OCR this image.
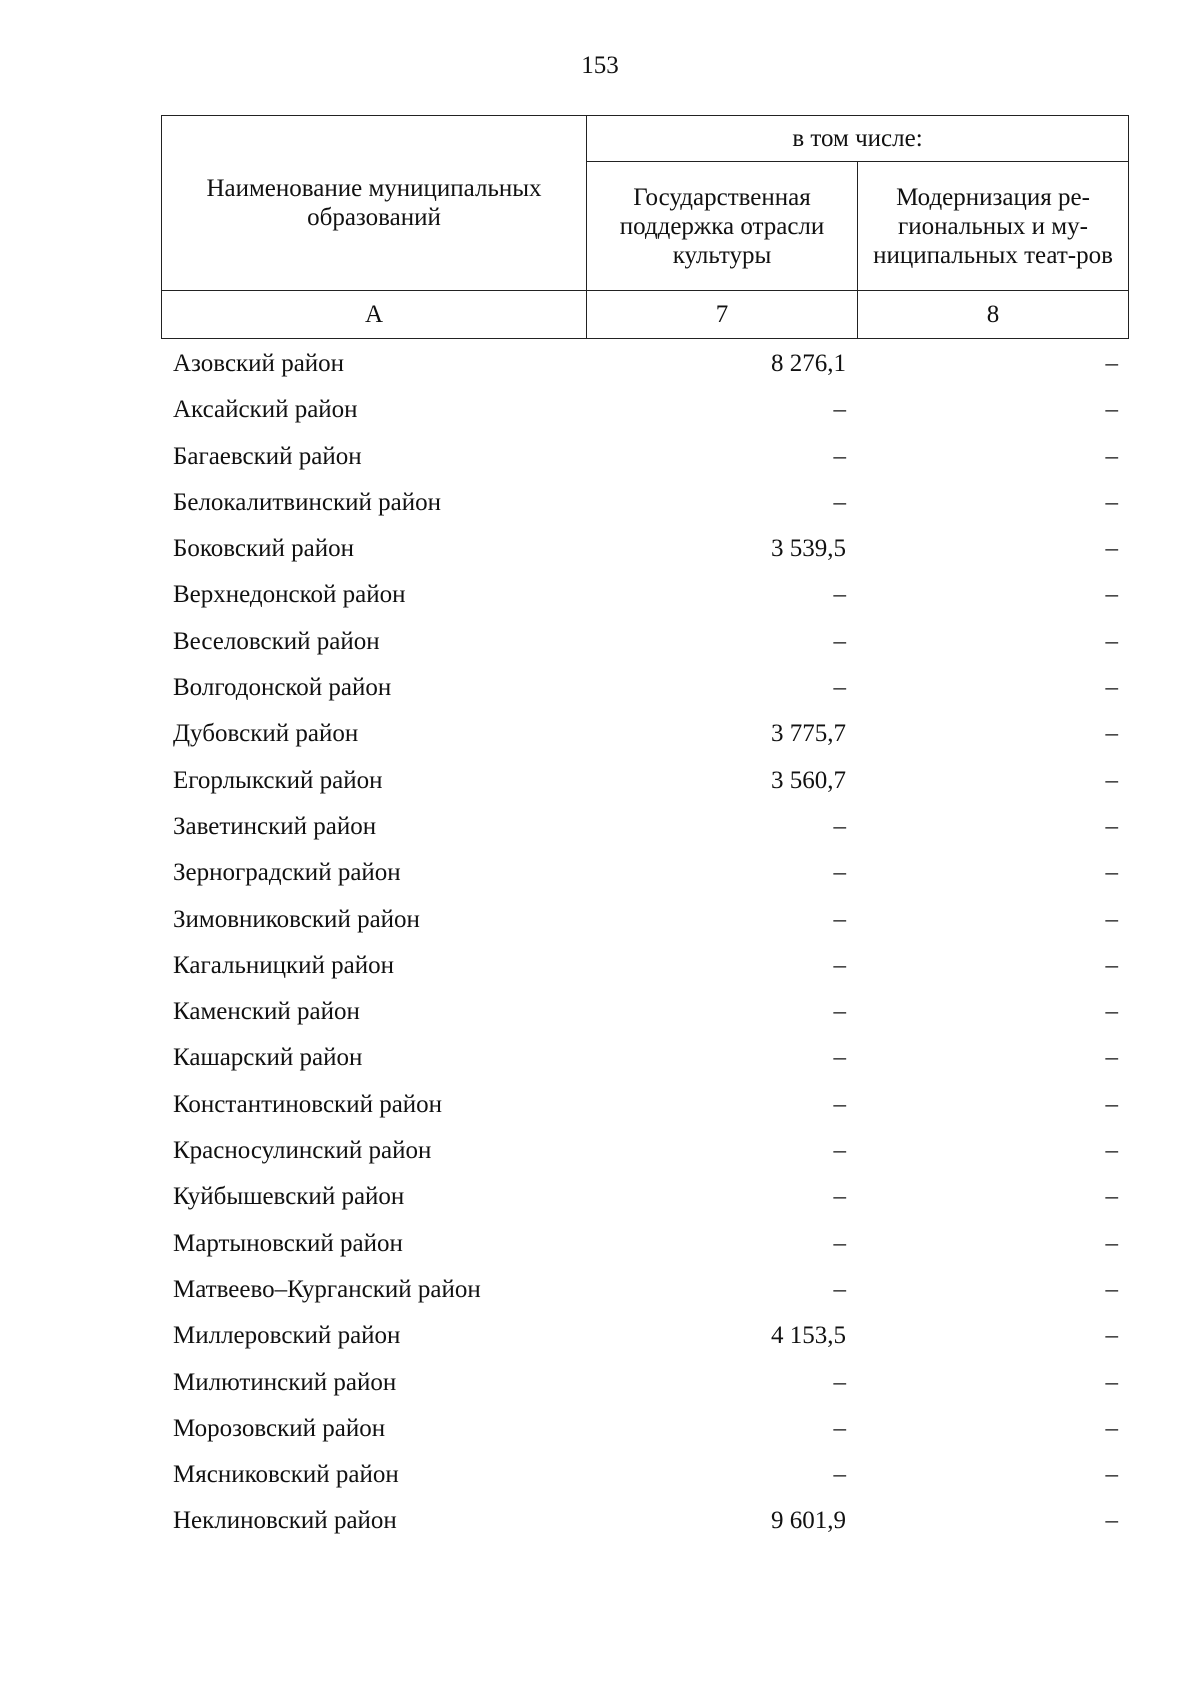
153
Наименование муниципальных образований	в том числе:	
	Государственная поддержка отрасли культуры	Модернизация ре-гиональных и му-ниципальных теат-ров
А	7	8
Азовский район	8 276,1	–
Аксайский район	–	–
Багаевский район	–	–
Белокалитвинский район	–	–
Боковский район	3 539,5	–
Верхнедонской район	–	–
Веселовский район	–	–
Волгодонской район	–	–
Дубовский район	3 775,7	–
Егорлыкский район	3 560,7	–
Заветинский район	–	–
Зерноградский район	–	–
Зимовниковский район	–	–
Кагальницкий район	–	–
Каменский район	–	–
Кашарский район	–	–
Константиновский район	–	–
Красносулинский район	–	–
Куйбышевский район	–	–
Мартыновский район	–	–
Матвеево–Курганский район	–	–
Миллеровский район	4 153,5	–
Милютинский район	–	–
Морозовский район	–	–
Мясниковский район	–	–
Неклиновский район	9 601,9	–
